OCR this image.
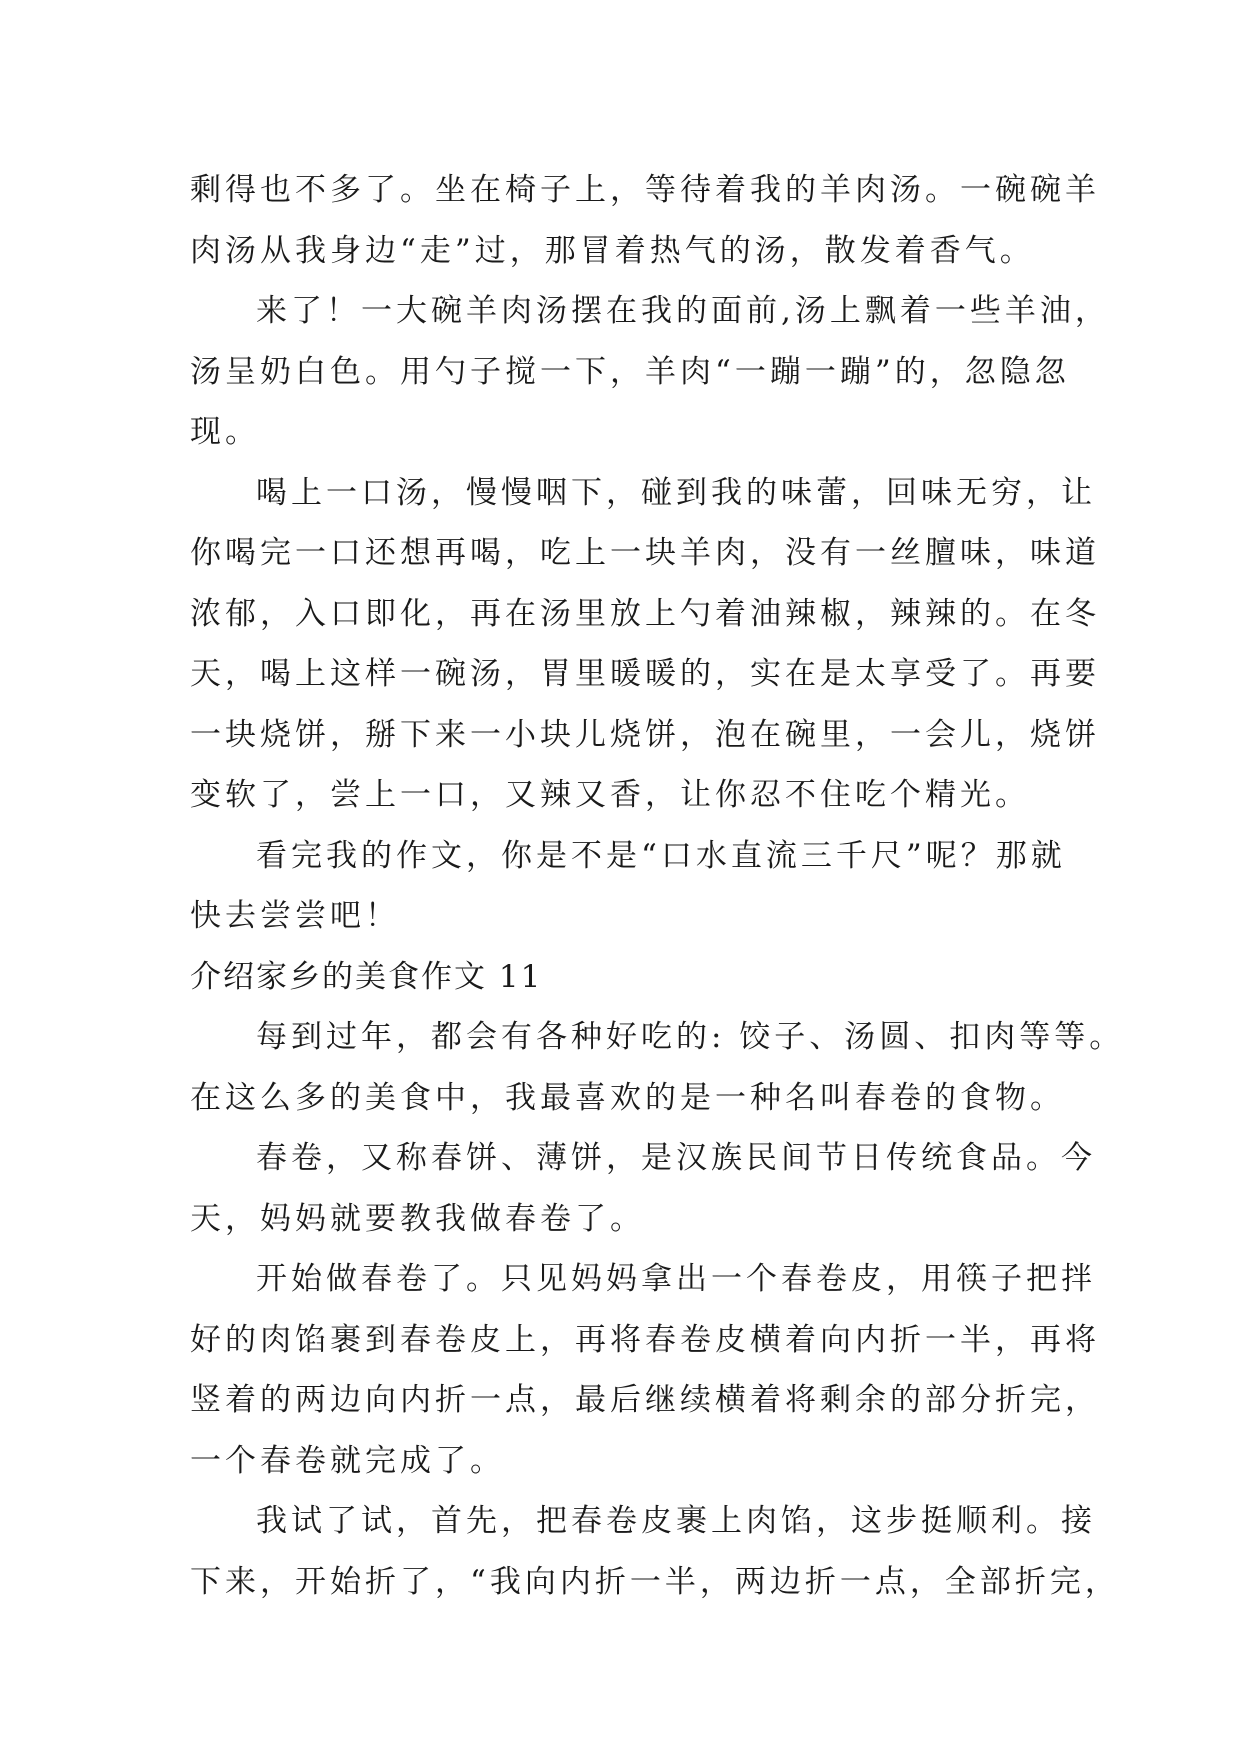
剩得也不多了。坐在椅子上，等待着我的羊肉汤。一碗碗羊
肉汤从我身边“走”过，那冒着热气的汤，散发着香气。
来了！一大碗羊肉汤摆在我的面前,汤上飘着一些羊油，
汤呈奶白色。用勺子搅一下，羊肉“一蹦一蹦”的，忽隐忽
现。
喝上一口汤，慢慢咽下，碰到我的味蕾，回味无穷，让
你喝完一口还想再喝，吃上一块羊肉，没有一丝膻味，味道
浓郁，入口即化，再在汤里放上勺着油辣椒，辣辣的。在冬
天，喝上这样一碗汤，胃里暖暖的，实在是太享受了。再要
一块烧饼，掰下来一小块儿烧饼，泡在碗里，一会儿，烧饼
变软了，尝上一口，又辣又香，让你忍不住吃个精光。
看完我的作文，你是不是“口水直流三千尺”呢？那就
快去尝尝吧！
介绍家乡的美食作文 11
每到过年，都会有各种好吃的: 饺子、汤圆、扣肉等等。
在这么多的美食中，我最喜欢的是一种名叫春卷的食物。
春卷，又称春饼、薄饼，是汉族民间节日传统食品。今
天，妈妈就要教我做春卷了。
开始做春卷了。只见妈妈拿出一个春卷皮，用筷子把拌
好的肉馅裹到春卷皮上，再将春卷皮横着向内折一半，再将
竖着的两边向内折一点，最后继续横着将剩余的部分折完，
一个春卷就完成了。
我试了试，首先，把春卷皮裹上肉馅，这步挺顺利。接
下来，开始折了，“我向内折一半，两边折一点，全部折完，
